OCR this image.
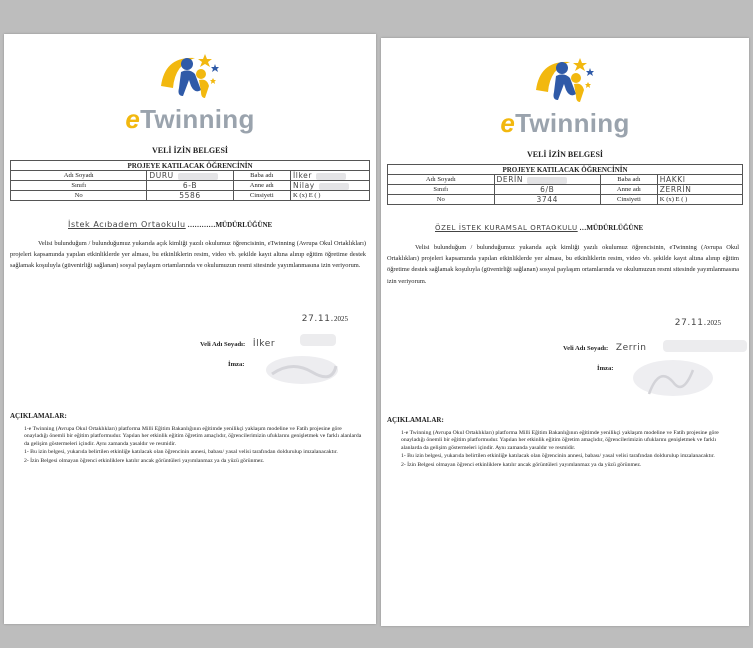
eTwinning
VELİ İZİN BELGESİ
PROJEYE KATILACAK ÖĞRENCİNİN			
Adı Soyadı	DURU	Baba adı	İlker
Sınıfı	6-B	Anne adı	Nilay
No	5586	Cinsiyeti	K (x) E ( )
İstek Acıbadem Ortaokulu …………MÜDÜRLÜĞÜNE
Velisi bulunduğum / bulunduğumuz yukarıda açık kimliği yazılı okulumuz öğrencisinin, eTwinning (Avrupa Okul Ortaklıkları) projeleri kapsamında yapılan etkinliklerde yer alması, bu etkinliklerin resim, video vb. şekilde kayıt altına alınıp eğitim öğretime destek sağlamak koşuluyla (güvenirliği sağlanan) sosyal paylaşım ortamlarında ve okulumuzun resmi sitesinde yayımlanmasına izin veriyorum.
27.11.2025
Veli Adı Soyadı: İlker
İmza:
AÇIKLAMALAR:

1-e Twinning (Avrupa Okul Ortaklıkları) platforma Milli Eğitim Bakanlığının eğitimde yenilikçi yaklaşım modeline ve Fatih projesine göre onayladığı önemli bir eğitim platformudur. Yapılan her etkinlik eğitim öğretim amaçlıdır, öğrencilerimizin ufuklarını genişletmek ve farklı alanlarda da gelişim göstermeleri içindir. Aynı zamanda yasaldır ve resmidir.

1- Bu izin belgesi, yukarıda belirtilen etkinliğe katılacak olan öğrencinin annesi, babası/ yasal velisi tarafından doldurulup imzalanacaktır.

2- İzin Belgesi olmayan öğrenci etkinliklere katılır ancak görüntüleri yayımlanmaz ya da yüzü görünmez.

eTwinning
VELİ İZİN BELGESİ
PROJEYE KATILACAK ÖĞRENCİNİN			
Adı Soyadı	DERİN	Baba adı	HAKKI
Sınıfı	6/B	Anne adı	ZERRİN
No	3744	Cinsiyeti	K (x) E ( )
ÖZEL İSTEK KURAMSAL ORTAOKULU …MÜDÜRLÜĞÜNE
Velisi bulunduğum / bulunduğumuz yukarıda açık kimliği yazılı okulumuz öğrencisinin, eTwinning (Avrupa Okul Ortaklıkları) projeleri kapsamında yapılan etkinliklerde yer alması, bu etkinliklerin resim, video vb. şekilde kayıt altına alınıp eğitim öğretime destek sağlamak koşuluyla (güvenirliği sağlanan) sosyal paylaşım ortamlarında ve okulumuzun resmi sitesinde yayımlanmasına izin veriyorum.
27.11.2025
Veli Adı Soyadı: Zerrin
İmza:
AÇIKLAMALAR:

1-e Twinning (Avrupa Okul Ortaklıkları) platforma Milli Eğitim Bakanlığının eğitimde yenilikçi yaklaşım modeline ve Fatih projesine göre onayladığı önemli bir eğitim platformudur. Yapılan her etkinlik eğitim öğretim amaçlıdır, öğrencilerimizin ufuklarını genişletmek ve farklı alanlarda da gelişim göstermeleri içindir. Aynı zamanda yasaldır ve resmidir.

1- Bu izin belgesi, yukarıda belirtilen etkinliğe katılacak olan öğrencinin annesi, babası/ yasal velisi tarafından doldurulup imzalanacaktır.

2- İzin Belgesi olmayan öğrenci etkinliklere katılır ancak görüntüleri yayımlanmaz ya da yüzü görünmez.
